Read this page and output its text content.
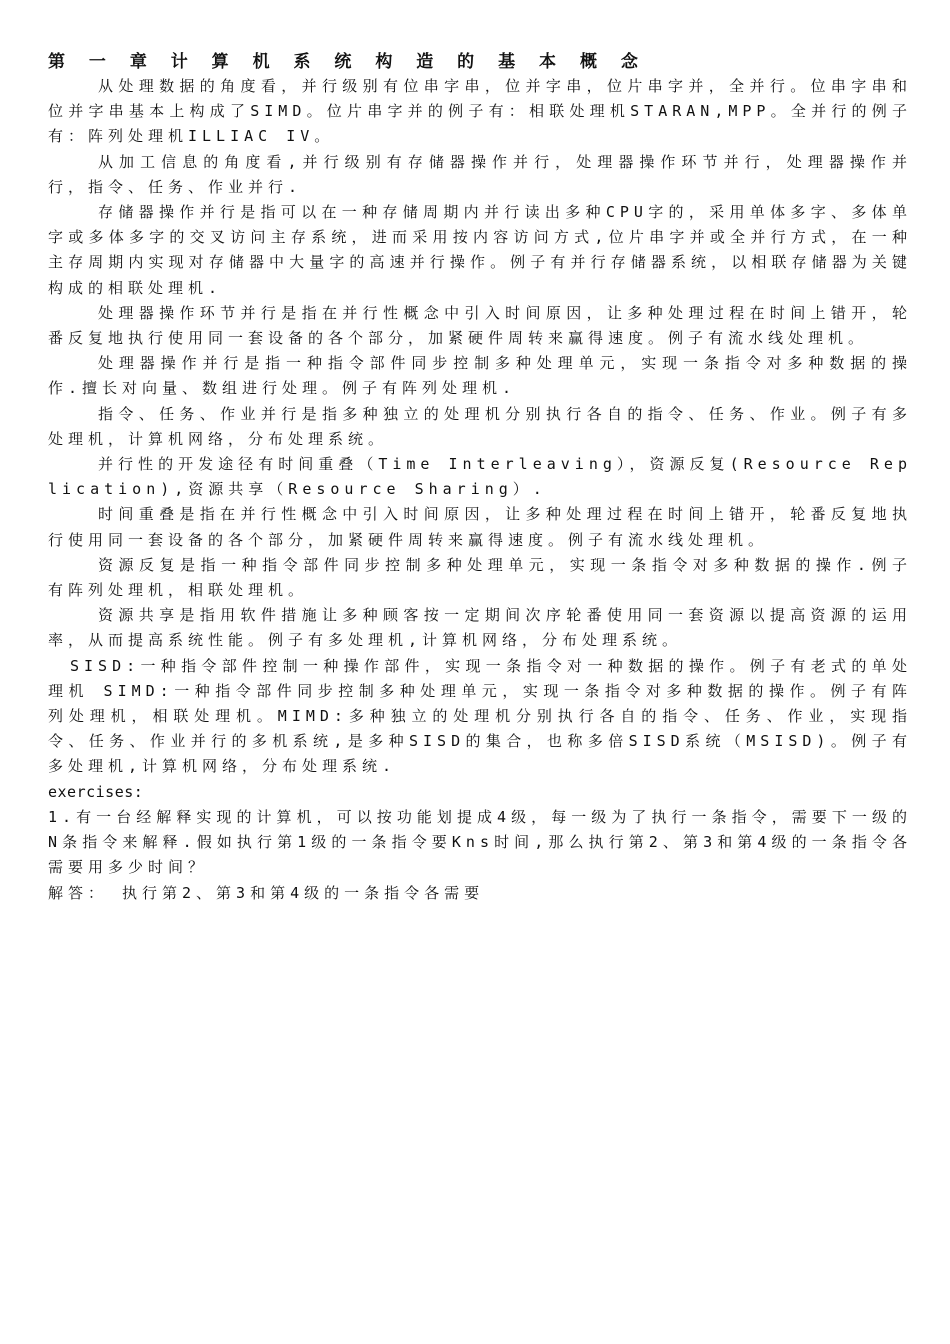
第 一 章 计 算 机 系 统 构 造 的 基 本 概 念

从处理数据的角度看，并行级别有位串字串，位并字串，位片串字并，全并行。位串字串和位并字串基本上构成了SIMD。位片串字并的例子有：相联处理机STARAN,MPP。全并行的例子有：阵列处理机ILLIAC IV。

从加工信息的角度看,并行级别有存储器操作并行，处理器操作环节并行，处理器操作并行，指令、任务、作业并行.

存储器操作并行是指可以在一种存储周期内并行读出多种CPU字的，采用单体多字、多体单字或多体多字的交叉访问主存系统，进而采用按内容访问方式,位片串字并或全并行方式，在一种主存周期内实现对存储器中大量字的高速并行操作。例子有并行存储器系统，以相联存储器为关键构成的相联处理机.

处理器操作环节并行是指在并行性概念中引入时间原因，让多种处理过程在时间上错开，轮番反复地执行使用同一套设备的各个部分，加紧硬件周转来赢得速度。例子有流水线处理机。

处理器操作并行是指一种指令部件同步控制多种处理单元，实现一条指令对多种数据的操作.擅长对向量、数组进行处理。例子有阵列处理机.

指令、任务、作业并行是指多种独立的处理机分别执行各自的指令、任务、作业。例子有多处理机，计算机网络，分布处理系统。

并行性的开发途径有时间重叠（Time Interleaving），资源反复(Resource Replication),资源共享（Resource Sharing）.

时间重叠是指在并行性概念中引入时间原因，让多种处理过程在时间上错开，轮番反复地执行使用同一套设备的各个部分，加紧硬件周转来赢得速度。例子有流水线处理机。

资源反复是指一种指令部件同步控制多种处理单元，实现一条指令对多种数据的操作.例子有阵列处理机，相联处理机。

资源共享是指用软件措施让多种顾客按一定期间次序轮番使用同一套资源以提高资源的运用率，从而提高系统性能。例子有多处理机,计算机网络，分布处理系统。

SISD:一种指令部件控制一种操作部件，实现一条指令对一种数据的操作。例子有老式的单处理机 SIMD:一种指令部件同步控制多种处理单元，实现一条指令对多种数据的操作。例子有阵列处理机，相联处理机。MIMD:多种独立的处理机分别执行各自的指令、任务、作业，实现指令、任务、作业并行的多机系统,是多种SISD的集合，也称多倍SISD系统（MSISD)。例子有多处理机,计算机网络，分布处理系统.

exercises:

1.有一台经解释实现的计算机，可以按功能划提成4级，每一级为了执行一条指令，需要下一级的N条指令来解释.假如执行第1级的一条指令要Kns时间,那么执行第2、第3和第4级的一条指令各需要用多少时间？

解答： 执行第2、第3和第4级的一条指令各需要
